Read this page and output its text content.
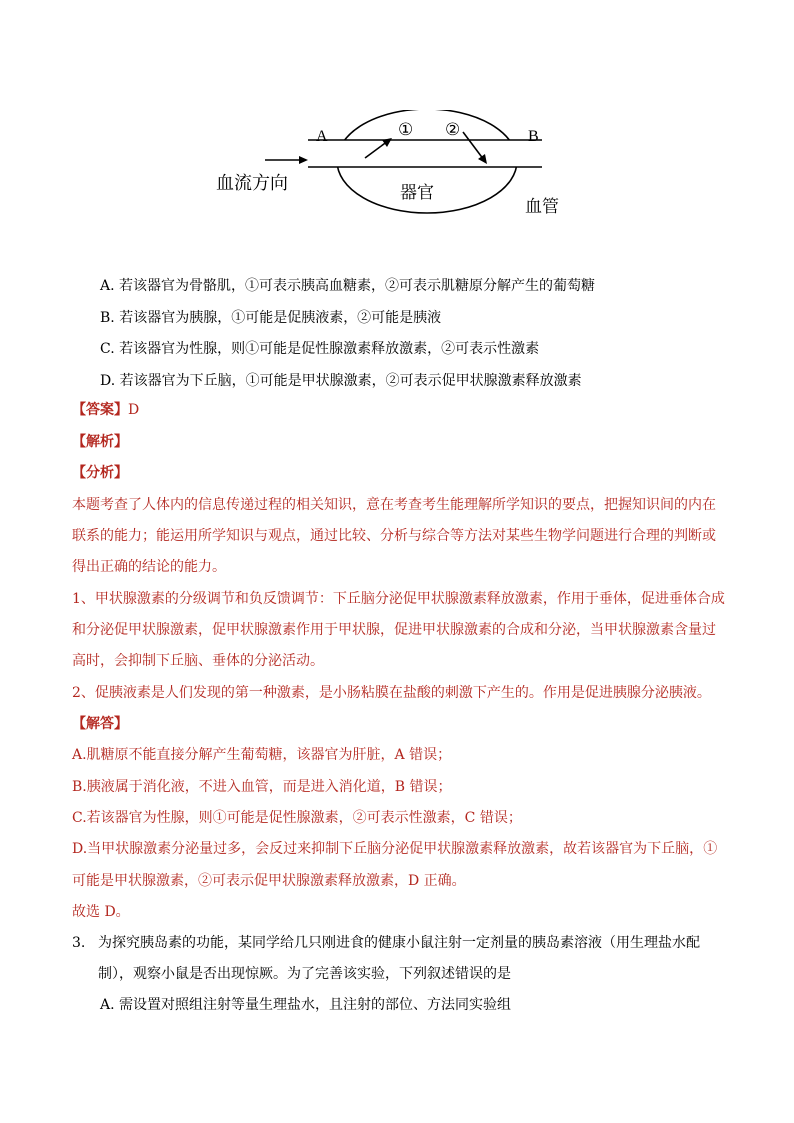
A	B
① ②
血流方向	器官
血管
A. 若该器官为骨骼肌，①可表示胰高血糖素，②可表示肌糖原分解产生的葡萄糖
B. 若该器官为胰腺，①可能是促胰液素，②可能是胰液
C. 若该器官为性腺，则①可能是促性腺激素释放激素，②可表示性激素
D. 若该器官为下丘脑，①可能是甲状腺激素，②可表示促甲状腺激素释放激素
【答案】D
【解析】
【分析】
本题考查了人体内的信息传递过程的相关知识，意在考查考生能理解所学知识的要点，把握知识间的内在
联系的能力；能运用所学知识与观点，通过比较、分析与综合等方法对某些生物学问题进行合理的判断或
得出正确的结论的能力。
1、甲状腺激素的分级调节和负反馈调节：下丘脑分泌促甲状腺激素释放激素，作用于垂体，促进垂体合成
和分泌促甲状腺激素，促甲状腺激素作用于甲状腺，促进甲状腺激素的合成和分泌，当甲状腺激素含量过
高时，会抑制下丘脑、垂体的分泌活动。
2、促胰液素是人们发现的第一种激素，是小肠粘膜在盐酸的刺激下产生的。作用是促进胰腺分泌胰液。
【解答】
A.肌糖原不能直接分解产生葡萄糖，该器官为肝脏，A 错误；
B.胰液属于消化液，不进入血管，而是进入消化道，B 错误；
C.若该器官为性腺，则①可能是促性腺激素，②可表示性激素，C 错误；
D.当甲状腺激素分泌量过多，会反过来抑制下丘脑分泌促甲状腺激素释放激素，故若该器官为下丘脑，①
可能是甲状腺激素，②可表示促甲状腺激素释放激素，D 正确。
故选 D。
3. 为探究胰岛素的功能，某同学给几只刚进食的健康小鼠注射一定剂量的胰岛素溶液（用生理盐水配
制），观察小鼠是否出现惊厥。为了完善该实验，下列叙述错误的是
A. 需设置对照组注射等量生理盐水，且注射的部位、方法同实验组
